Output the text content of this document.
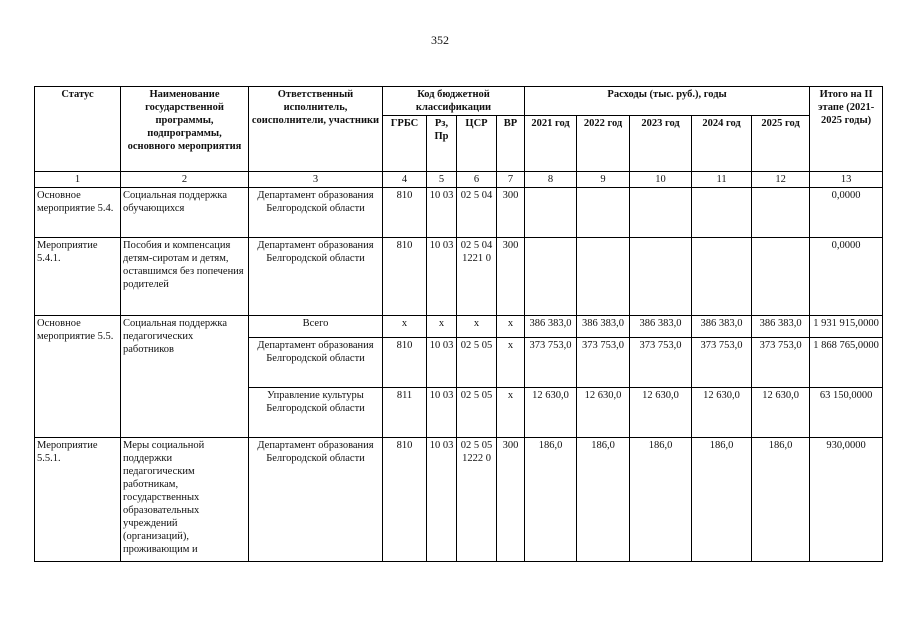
352
Статус	Наименование государственной программы, подпрограммы, основного мероприятия	Ответственный исполнитель, соисполнители, участники	Код бюджетной классификации				Расходы (тыс. руб.), годы					Итого на II этапе (2021-2025 годы)
			ГРБС	Рз, Пр	ЦСР	ВР	2021 год	2022 год	2023 год	2024 год	2025 год	
1	2	3	4	5	6	7	8	9	10	11	12	13
Основное мероприятие 5.4.	Социальная поддержка обучающихся	Департамент образования Белгородской области	810	10 03	02 5 04	300						0,0000
Мероприятие 5.4.1.	Пособия и компенсация детям-сиротам и детям, оставшимся без попечения родителей	Департамент образования Белгородской области	810	10 03	02 5 04 1221 0	300						0,0000
Основное мероприятие 5.5.	Социальная поддержка педагогических работников	Всего	х	х	х	х	386 383,0	386 383,0	386 383,0	386 383,0	386 383,0	1 931 915,0000
		Департамент образования Белгородской области	810	10 03	02 5 05	х	373 753,0	373 753,0	373 753,0	373 753,0	373 753,0	1 868 765,0000
		Управление культуры Белгородской области	811	10 03	02 5 05	х	12 630,0	12 630,0	12 630,0	12 630,0	12 630,0	63 150,0000
Мероприятие 5.5.1.	Меры социальной поддержки педагогическим работникам, государственных образовательных учреждений (организаций), проживающим и	Департамент образования Белгородской области	810	10 03	02 5 05 1222 0	300	186,0	186,0	186,0	186,0	186,0	930,0000
